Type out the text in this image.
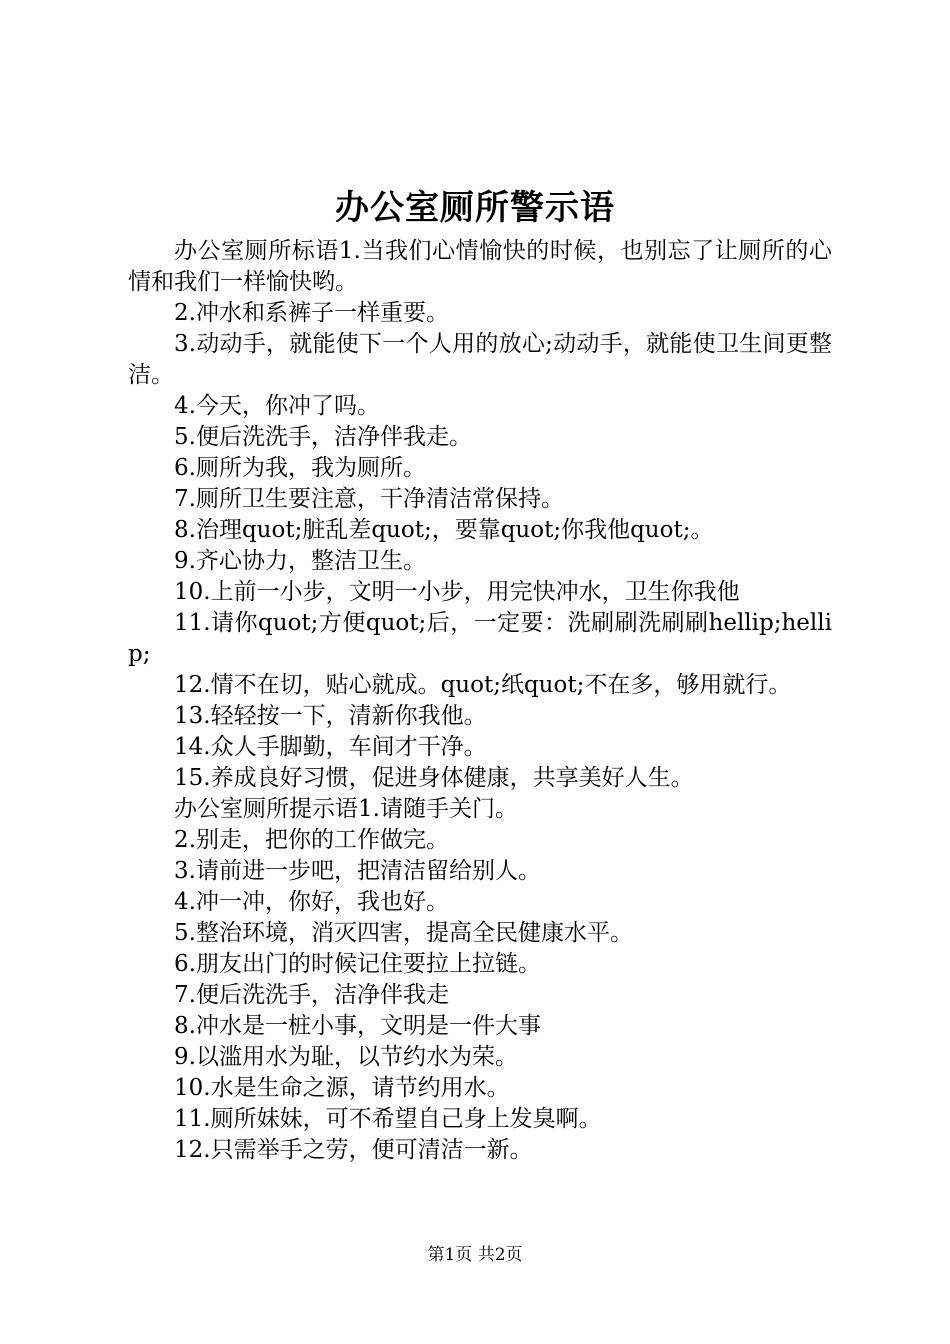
办公室厕所警示语

办公室厕所标语1.当我们心情愉快的时候，也别忘了让厕所的心情和我们一样愉快哟。

2.冲水和系裤子一样重要。

3.动动手，就能使下一个人用的放心;动动手，就能使卫生间更整洁。

4.今天，你冲了吗。

5.便后洗洗手，洁净伴我走。

6.厕所为我，我为厕所。

7.厕所卫生要注意，干净清洁常保持。

8.治理quot;脏乱差quot;，要靠quot;你我他quot;。

9.齐心协力，整洁卫生。

10.上前一小步，文明一小步，用完快冲水，卫生你我他

11.请你quot;方便quot;后，一定要：洗刷刷洗刷刷hellip;hellip;

12.情不在切，贴心就成。quot;纸quot;不在多，够用就行。

13.轻轻按一下，清新你我他。

14.众人手脚勤，车间才干净。

15.养成良好习惯，促进身体健康，共享美好人生。

办公室厕所提示语1.请随手关门。

2.别走，把你的工作做完。

3.请前进一步吧，把清洁留给别人。

4.冲一冲，你好，我也好。

5.整治环境，消灭四害，提高全民健康水平。

6.朋友出门的时候记住要拉上拉链。

7.便后洗洗手，洁净伴我走

8.冲水是一桩小事，文明是一件大事

9.以滥用水为耻，以节约水为荣。

10.水是生命之源，请节约用水。

11.厕所妹妹，可不希望自己身上发臭啊。

12.只需举手之劳，便可清洁一新。

第1页 共2页
